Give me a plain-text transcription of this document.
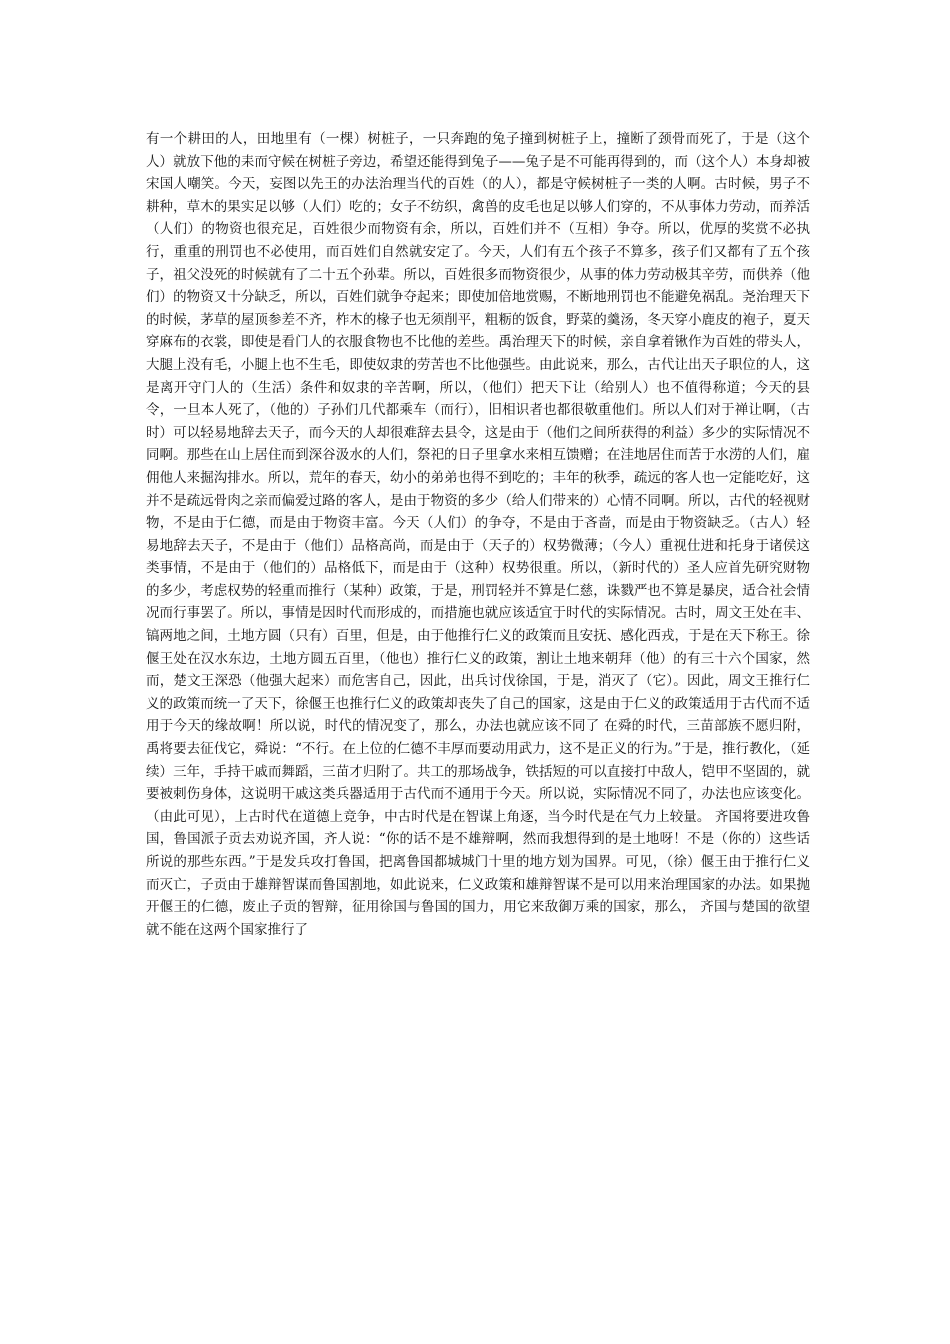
有一个耕田的人，田地里有（一棵）树桩子，一只奔跑的兔子撞到树桩子上，撞断了颈骨而死了，于是（这个人）就放下他的耒而守候在树桩子旁边，希望还能得到兔子——兔子是不可能再得到的，而（这个人）本身却被宋国人嘲笑。今天，妄图以先王的办法治理当代的百姓（的人），都是守候树桩子一类的人啊。古时候，男子不耕种，草木的果实足以够（人们）吃的；女子不纺织，禽兽的皮毛也足以够人们穿的，不从事体力劳动，而养活（人们）的物资也很充足，百姓很少而物资有余，所以，百姓们并不（互相）争夺。所以，优厚的奖赏不必执行，重重的刑罚也不必使用，而百姓们自然就安定了。今天，人们有五个孩子不算多，孩子们又都有了五个孩子，祖父没死的时候就有了二十五个孙辈。所以，百姓很多而物资很少，从事的体力劳动极其辛劳，而供养（他们）的物资又十分缺乏，所以，百姓们就争夺起来；即使加倍地赏赐，不断地刑罚也不能避免祸乱。尧治理天下的时候，茅草的屋顶参差不齐，柞木的椽子也无须削平，粗粝的饭食，野菜的羹汤，冬天穿小鹿皮的袍子，夏天穿麻布的衣裳，即使是看门人的衣服食物也不比他的差些。禹治理天下的时候，亲自拿着锹作为百姓的带头人，大腿上没有毛，小腿上也不生毛，即使奴隶的劳苦也不比他强些。由此说来，那么，古代让出天子职位的人，这是离开守门人的（生活）条件和奴隶的辛苦啊，所以，（他们）把天下让（给别人）也不值得称道；今天的县令，一旦本人死了，（他的）子孙们几代都乘车（而行），旧相识者也都很敬重他们。所以人们对于禅让啊，（古时）可以轻易地辞去天子，而今天的人却很难辞去县令，这是由于（他们之间所获得的利益）多少的实际情况不同啊。那些在山上居住而到深谷汲水的人们，祭祀的日子里拿水来相互馈赠；在洼地居住而苦于水涝的人们，雇佣他人来掘沟排水。所以，荒年的春天，幼小的弟弟也得不到吃的；丰年的秋季，疏远的客人也一定能吃好，这并不是疏远骨肉之亲而偏爱过路的客人，是由于物资的多少（给人们带来的）心情不同啊。所以，古代的轻视财物，不是由于仁德，而是由于物资丰富。今天（人们）的争夺，不是由于吝啬，而是由于物资缺乏。（古人）轻易地辞去天子，不是由于（他们）品格高尚，而是由于（天子的）权势微薄；（今人）重视仕进和托身于诸侯这类事情，不是由于（他们的）品格低下，而是由于（这种）权势很重。所以，（新时代的）圣人应首先研究财物的多少，考虑权势的轻重而推行（某种）政策，于是，刑罚轻并不算是仁慈，诛戮严也不算是暴戾，适合社会情况而行事罢了。所以，事情是因时代而形成的，而措施也就应该适宜于时代的实际情况。古时，周文王处在丰、镐两地之间，土地方圆（只有）百里，但是，由于他推行仁义的政策而且安抚、感化西戎，于是在天下称王。徐偃王处在汉水东边，土地方圆五百里，（他也）推行仁义的政策，割让土地来朝拜（他）的有三十六个国家，然而，楚文王深恐（他强大起来）而危害自己，因此，出兵讨伐徐国，于是，消灭了（它）。因此，周文王推行仁义的政策而统一了天下，徐偃王也推行仁义的政策却丧失了自己的国家，这是由于仁义的政策适用于古代而不适用于今天的缘故啊！所以说，时代的情况变了，那么，办法也就应该不同了 在舜的时代，三苗部族不愿归附，禹将要去征伐它，舜说：“不行。在上位的仁德不丰厚而要动用武力，这不是正义的行为。”于是，推行教化，（延续）三年，手持干戚而舞蹈，三苗才归附了。共工的那场战争，铁括短的可以直接打中敌人，铠甲不坚固的，就要被刺伤身体，这说明干戚这类兵器适用于古代而不通用于今天。所以说，实际情况不同了，办法也应该变化。（由此可见），上古时代在道德上竞争，中古时代是在智谋上角逐，当今时代是在气力上较量。 齐国将要进攻鲁国，鲁国派子贡去劝说齐国，齐人说：“你的话不是不雄辩啊，然而我想得到的是土地呀！不是（你的）这些话所说的那些东西。”于是发兵攻打鲁国，把离鲁国都城城门十里的地方划为国界。可见，（徐）偃王由于推行仁义而灭亡，子贡由于雄辩智谋而鲁国割地，如此说来，仁义政策和雄辩智谋不是可以用来治理国家的办法。如果抛开偃王的仁德，废止子贡的智辩，征用徐国与鲁国的国力，用它来敌御万乘的国家，那么， 齐国与楚国的欲望就不能在这两个国家推行了
